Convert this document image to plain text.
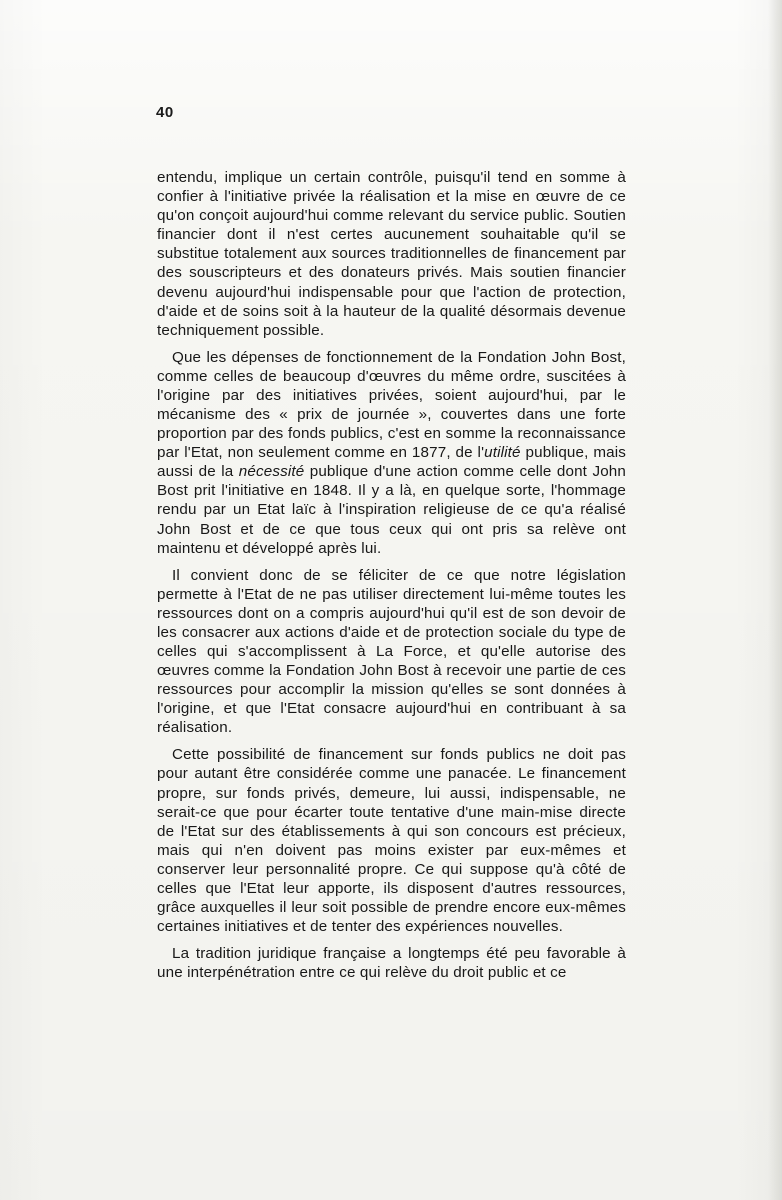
40

entendu, implique un certain contrôle, puisqu'il tend en somme à confier à l'initiative privée la réalisation et la mise en œuvre de ce qu'on conçoit aujourd'hui comme relevant du service public. Soutien financier dont il n'est certes aucunement souhaitable qu'il se substitue totalement aux sources traditionnelles de financement par des souscripteurs et des donateurs privés. Mais soutien financier devenu aujourd'hui indispensable pour que l'action de protection, d'aide et de soins soit à la hauteur de la qualité désormais devenue techniquement possible.

Que les dépenses de fonctionnement de la Fondation John Bost, comme celles de beaucoup d'œuvres du même ordre, suscitées à l'origine par des initiatives privées, soient aujourd'hui, par le mécanisme des « prix de journée », couvertes dans une forte proportion par des fonds publics, c'est en somme la reconnaissance par l'Etat, non seulement comme en 1877, de l'utilité publique, mais aussi de la nécessité publique d'une action comme celle dont John Bost prit l'initiative en 1848. Il y a là, en quelque sorte, l'hommage rendu par un Etat laïc à l'inspiration religieuse de ce qu'a réalisé John Bost et de ce que tous ceux qui ont pris sa relève ont maintenu et développé après lui.

Il convient donc de se féliciter de ce que notre législation permette à l'Etat de ne pas utiliser directement lui-même toutes les ressources dont on a compris aujourd'hui qu'il est de son devoir de les consacrer aux actions d'aide et de protection sociale du type de celles qui s'accomplissent à La Force, et qu'elle autorise des œuvres comme la Fondation John Bost à recevoir une partie de ces ressources pour accomplir la mission qu'elles se sont données à l'origine, et que l'Etat consacre aujourd'hui en contribuant à sa réalisation.

Cette possibilité de financement sur fonds publics ne doit pas pour autant être considérée comme une panacée. Le financement propre, sur fonds privés, demeure, lui aussi, indispensable, ne serait-ce que pour écarter toute tentative d'une main-mise directe de l'Etat sur des établissements à qui son concours est précieux, mais qui n'en doivent pas moins exister par eux-mêmes et conserver leur personnalité propre. Ce qui suppose qu'à côté de celles que l'Etat leur apporte, ils disposent d'autres ressources, grâce auxquelles il leur soit possible de prendre encore eux-mêmes certaines initiatives et de tenter des expériences nouvelles.

La tradition juridique française a longtemps été peu favorable à une interpénétration entre ce qui relève du droit public et ce
